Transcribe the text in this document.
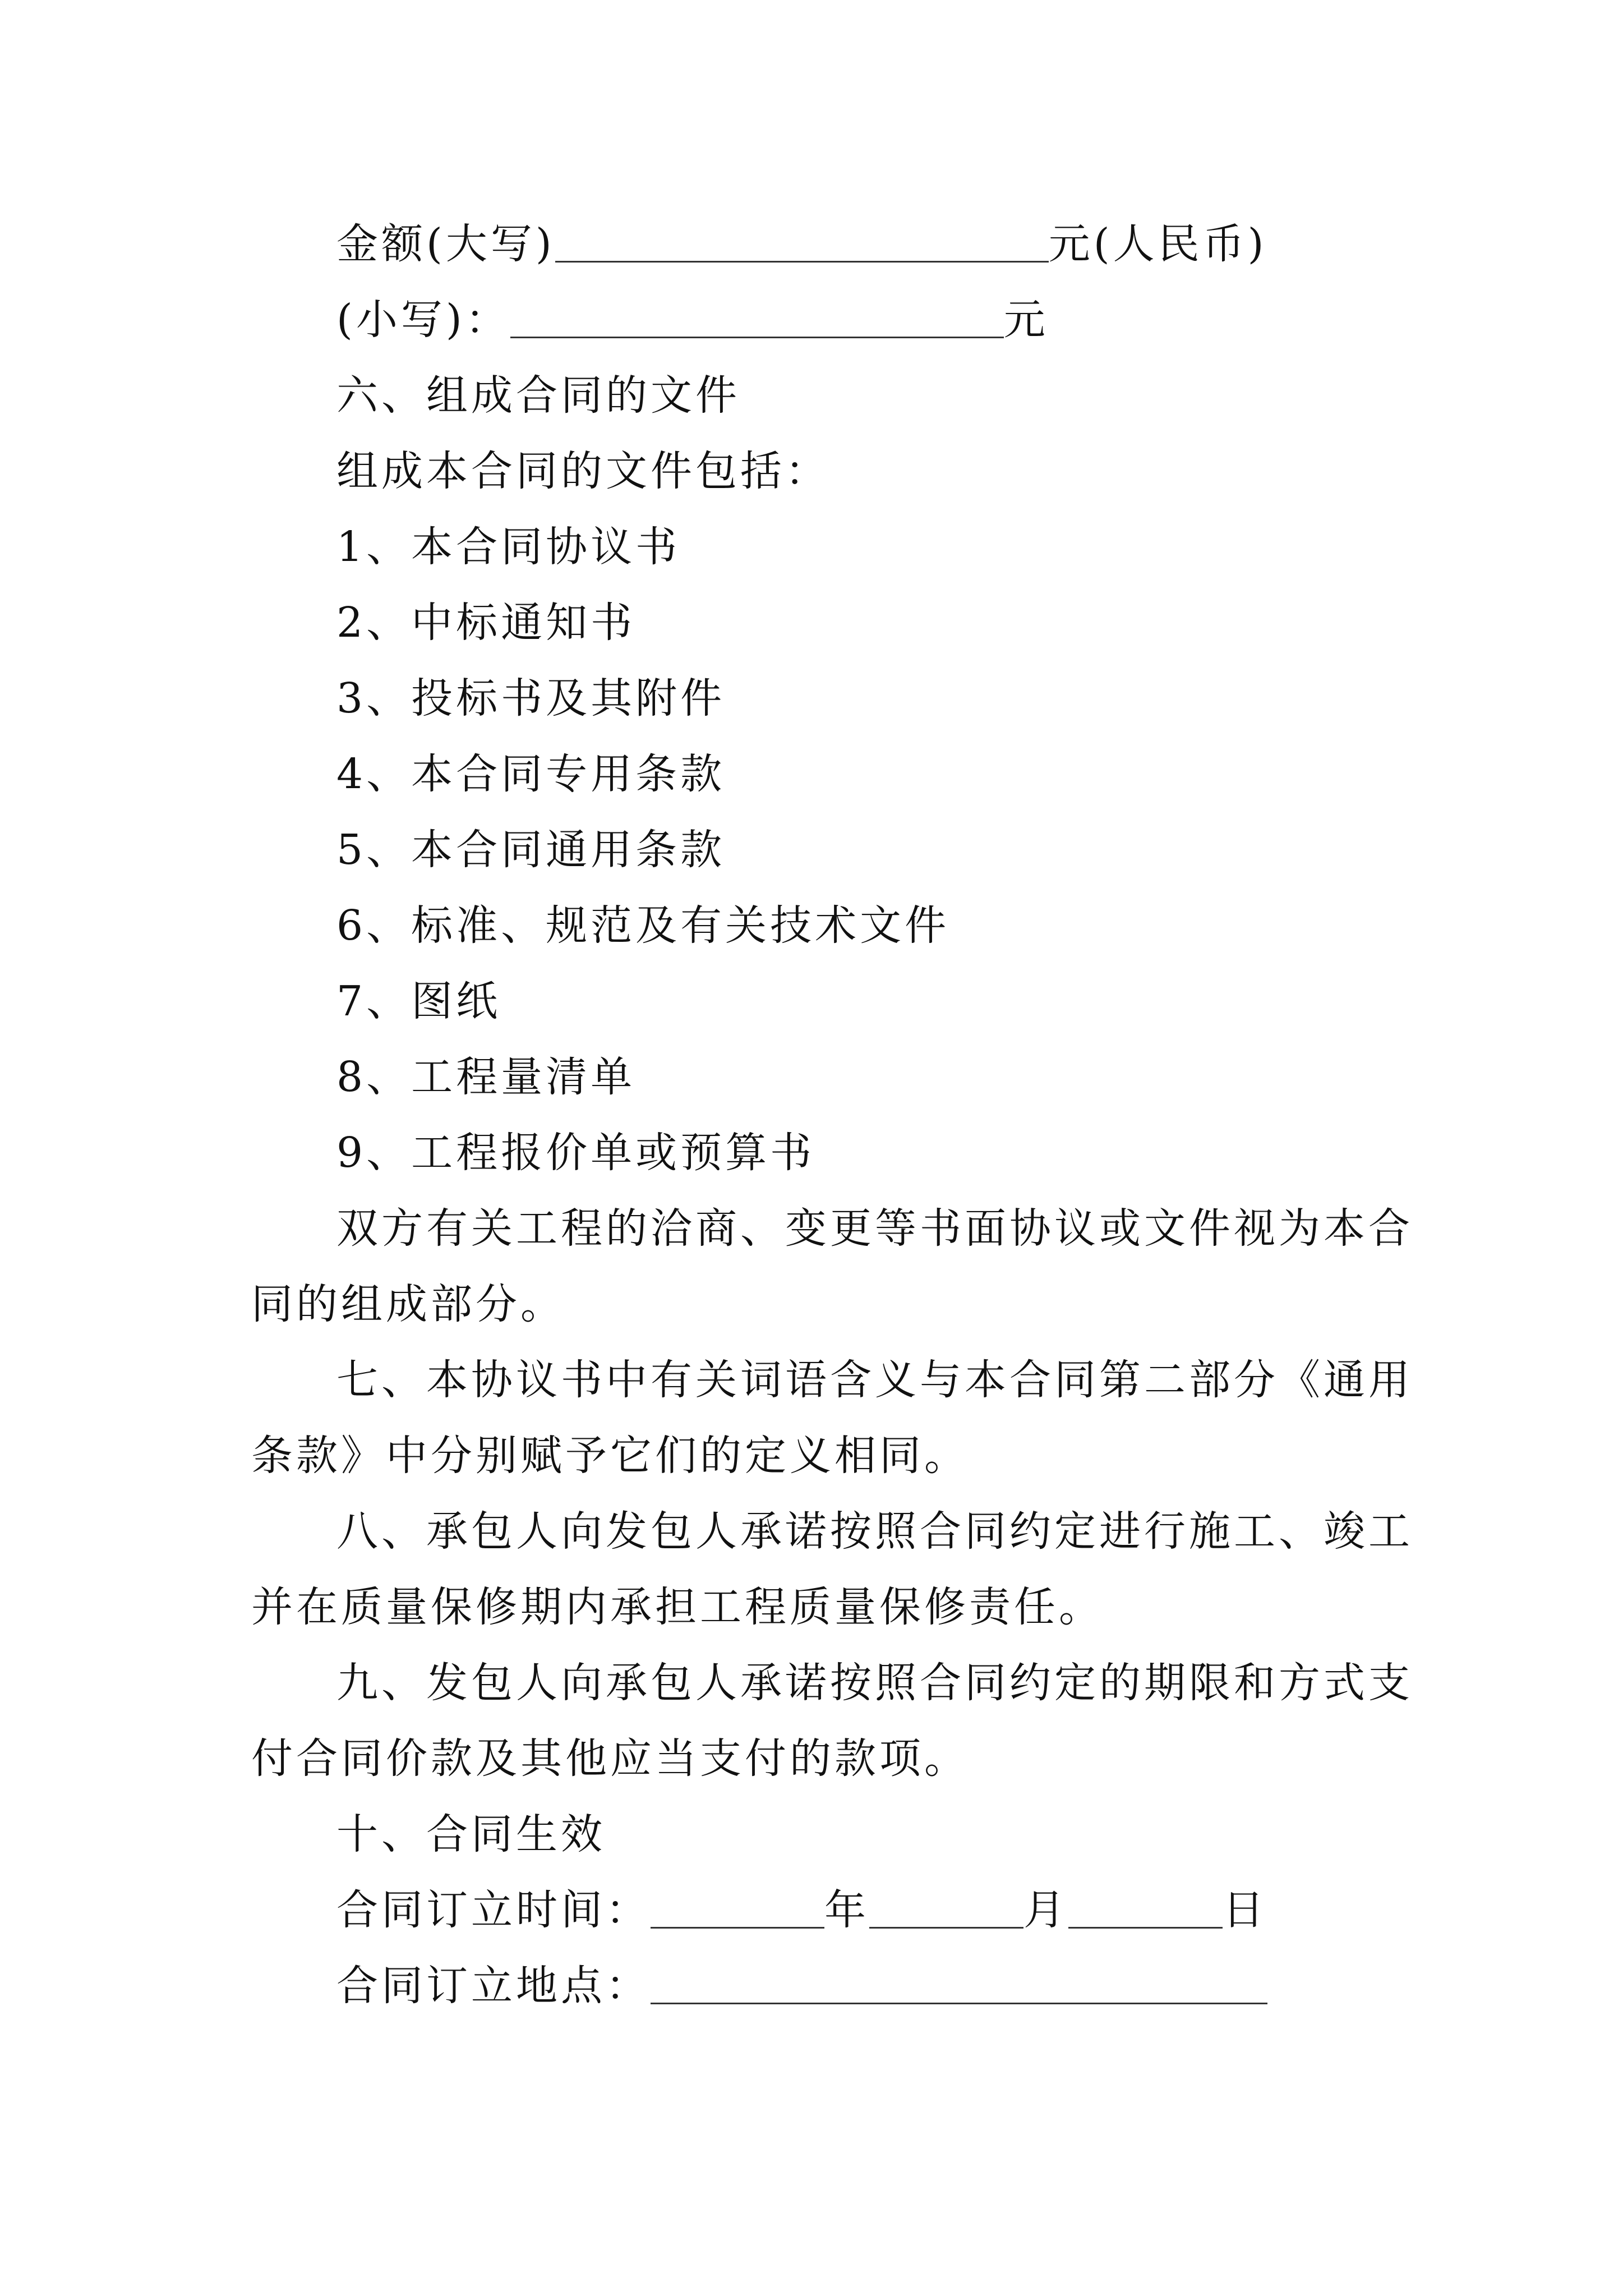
金额(大写)	元(人民币)
(小写)：	元
六、组成合同的文件
组成本合同的文件包括：
1、本合同协议书
2、中标通知书
3、投标书及其附件
4、本合同专用条款
5、本合同通用条款
6、标准、规范及有关技术文件
7、图纸
8、工程量清单
9、工程报价单或预算书
双方有关工程的洽商、变更等书面协议或文件视为本合
同的组成部分。
七、本协议书中有关词语含义与本合同第二部分《通用
条款》中分别赋予它们的定义相同。
八、承包人向发包人承诺按照合同约定进行施工、竣工
并在质量保修期内承担工程质量保修责任。
九、发包人向承包人承诺按照合同约定的期限和方式支
付合同价款及其他应当支付的款项。
十、合同生效
合同订立时间：	年	月	日
合同订立地点：
